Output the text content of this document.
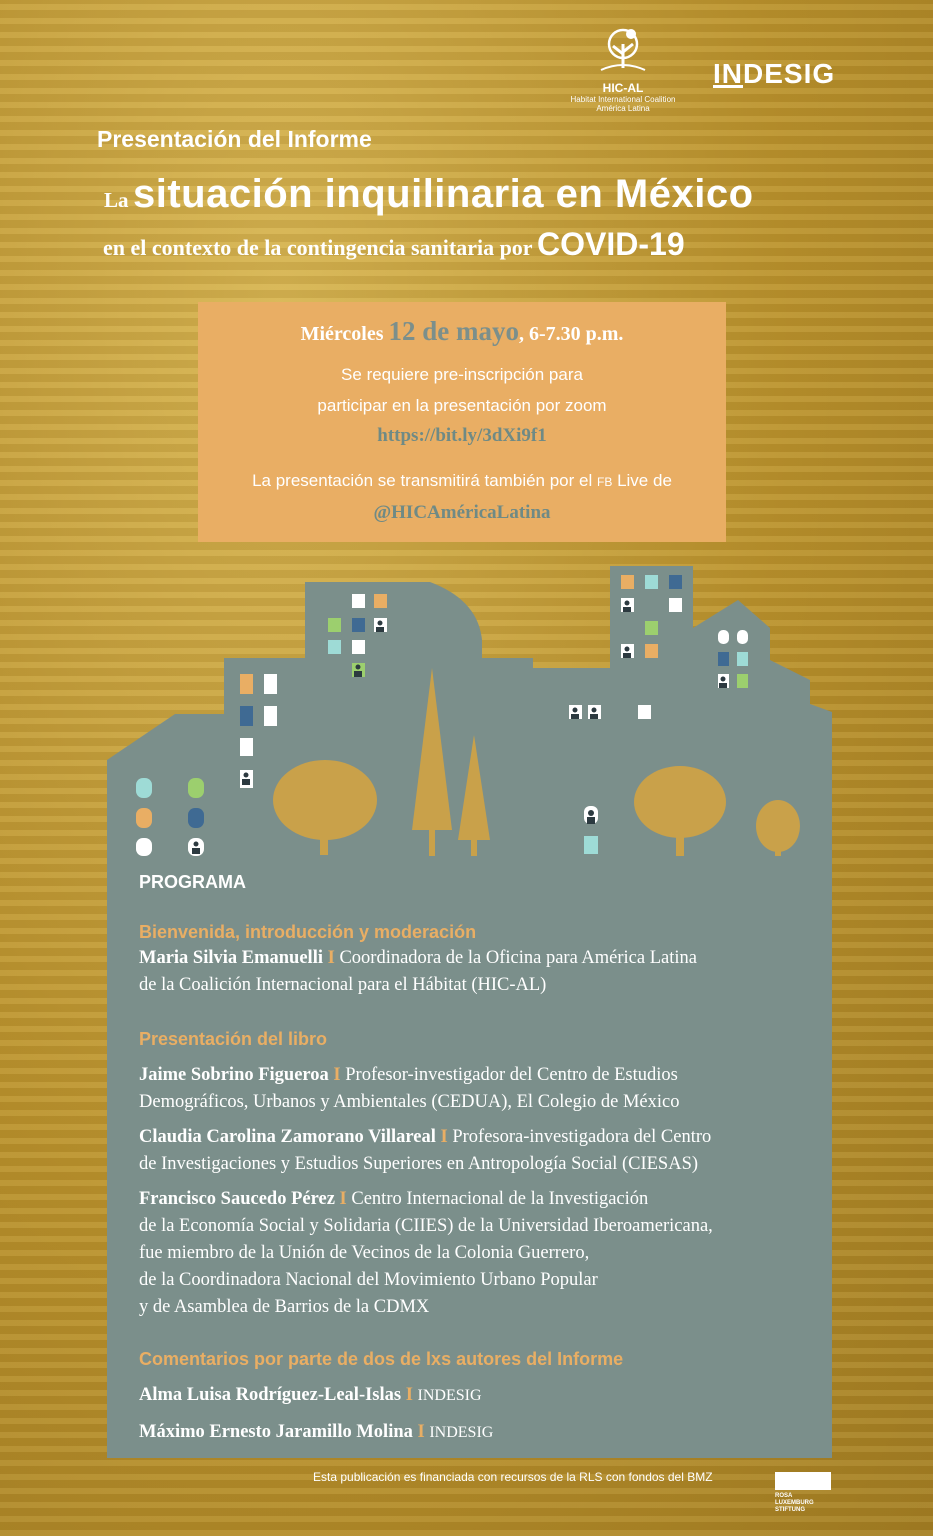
HIC-AL
Habitat International Coalition
América Latina
INDESIG
Presentación del Informe
La situación inquilinaria en México
en el contexto de la contingencia sanitaria por COVID-19
Miércoles 12 de mayo, 6-7.30 p.m.
Se requiere pre-inscripción para
participar en la presentación por zoom
https://bit.ly/3dXi9f1
La presentación se transmitirá también por el FB Live de
@HICAméricaLatina
PROGRAMA
Bienvenida, introducción y moderación
Maria Silvia Emanuelli I Coordinadora de la Oficina para América Latina
de la Coalición Internacional para el Hábitat (HIC-AL)
Presentación del libro
Jaime Sobrino Figueroa I Profesor-investigador del Centro de Estudios
Demográficos, Urbanos y Ambientales (CEDUA), El Colegio de México
Claudia Carolina Zamorano Villareal I Profesora-investigadora del Centro
de Investigaciones y Estudios Superiores en Antropología Social (CIESAS)
Francisco Saucedo Pérez I Centro Internacional de la Investigación
de la Economía Social y Solidaria (CIIES) de la Universidad Iberoamericana,
fue miembro de la Unión de Vecinos de la Colonia Guerrero,
de la Coordinadora Nacional del Movimiento Urbano Popular
y de Asamblea de Barrios de la CDMX
Comentarios por parte de dos de lxs autores del Informe
Alma Luisa Rodríguez-Leal-Islas I INDESIG
Máximo Ernesto Jaramillo Molina I INDESIG
Esta publicación es financiada con recursos de la RLS con fondos del BMZ
ROSA
LUXEMBURG
STIFTUNG
